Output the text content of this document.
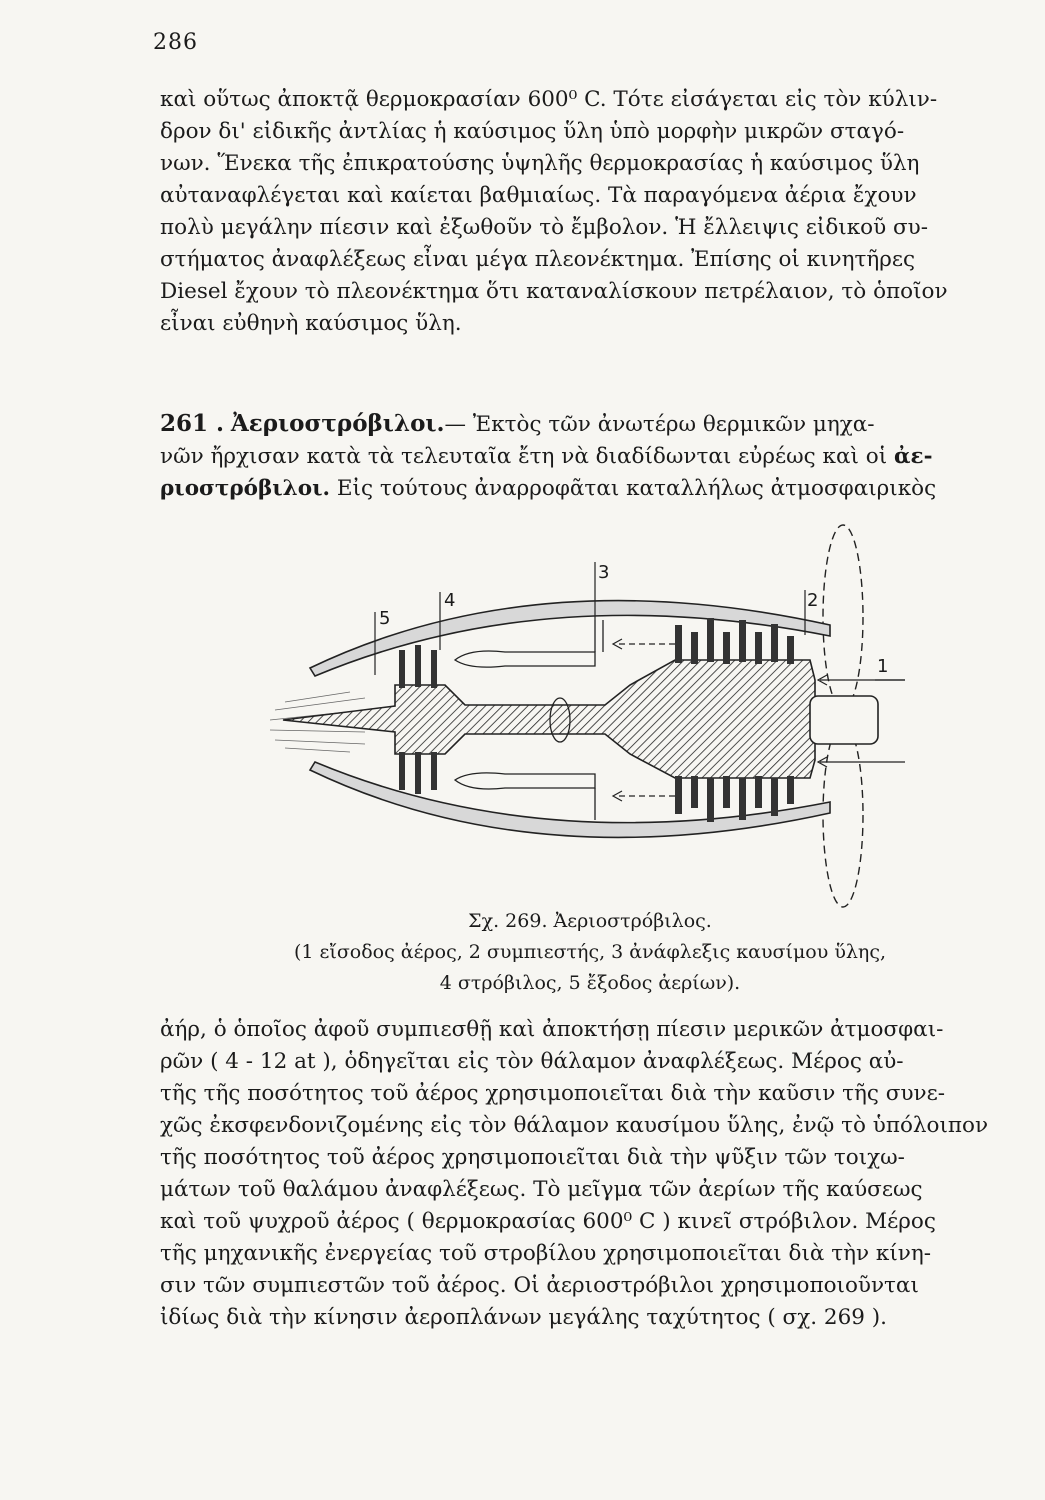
286
καὶ οὕτως ἀποκτᾷ θερμοκρασίαν 600⁰ C. Τότε εἰσάγεται εἰς τὸν κύλιν-
δρον δι' εἰδικῆς ἀντλίας ἡ καύσιμος ὕλη ὑπὸ μορφὴν μικρῶν σταγό-
νων. Ἕνεκα τῆς ἐπικρατούσης ὑψηλῆς θερμοκρασίας ἡ καύσιμος ὕλη
αὐταναφλέγεται καὶ καίεται βαθμιαίως. Τὰ παραγόμενα ἀέρια ἔχουν
πολὺ μεγάλην πίεσιν καὶ ἐξωθοῦν τὸ ἔμβολον. Ἡ ἔλλειψις εἰδικοῦ συ-
στήματος ἀναφλέξεως εἶναι μέγα πλεονέκτημα. Ἐπίσης οἱ κινητῆρες
Diesel ἔχουν τὸ πλεονέκτημα ὅτι καταναλίσκουν πετρέλαιον, τὸ ὁποῖον
εἶναι εὐθηνὴ καύσιμος ὕλη.
261 . Ἀεριοστρόβιλοι.— Ἐκτὸς τῶν ἀνωτέρω θερμικῶν μηχα-
νῶν ἤρχισαν κατὰ τὰ τελευταῖα ἔτη νὰ διαδίδωνται εὐρέως καὶ οἱ ἀε-
ριοστρόβιλοι. Εἰς τούτους ἀναρροφᾶται καταλλήλως ἀτμοσφαιρικὸς
3
4
5
2
1
Σχ. 269. Ἀεριοστρόβιλος.
(1 εἴσοδος ἀέρος, 2 συμπιεστής, 3 ἀνάφλεξις καυσίμου ὕλης,
4 στρόβιλος, 5 ἔξοδος ἀερίων).
ἀήρ, ὁ ὁποῖος ἀφοῦ συμπιεσθῇ καὶ ἀποκτήσῃ πίεσιν μερικῶν ἀτμοσφαι-
ρῶν ( 4 - 12 at ), ὁδηγεῖται εἰς τὸν θάλαμον ἀναφλέξεως. Μέρος αὐ-
τῆς τῆς ποσότητος τοῦ ἀέρος χρησιμοποιεῖται διὰ τὴν καῦσιν τῆς συνε-
χῶς ἐκσφενδονιζομένης εἰς τὸν θάλαμον καυσίμου ὕλης, ἐνῷ τὸ ὑπόλοιπον
τῆς ποσότητος τοῦ ἀέρος χρησιμοποιεῖται διὰ τὴν ψῦξιν τῶν τοιχω-
μάτων τοῦ θαλάμου ἀναφλέξεως. Τὸ μεῖγμα τῶν ἀερίων τῆς καύσεως
καὶ τοῦ ψυχροῦ ἀέρος ( θερμοκρασίας 600⁰ C ) κινεῖ στρόβιλον. Μέρος
τῆς μηχανικῆς ἐνεργείας τοῦ στροβίλου χρησιμοποιεῖται διὰ τὴν κίνη-
σιν τῶν συμπιεστῶν τοῦ ἀέρος. Οἱ ἀεριοστρόβιλοι χρησιμοποιοῦνται
ἰδίως διὰ τὴν κίνησιν ἀεροπλάνων μεγάλης ταχύτητος ( σχ. 269 ).
